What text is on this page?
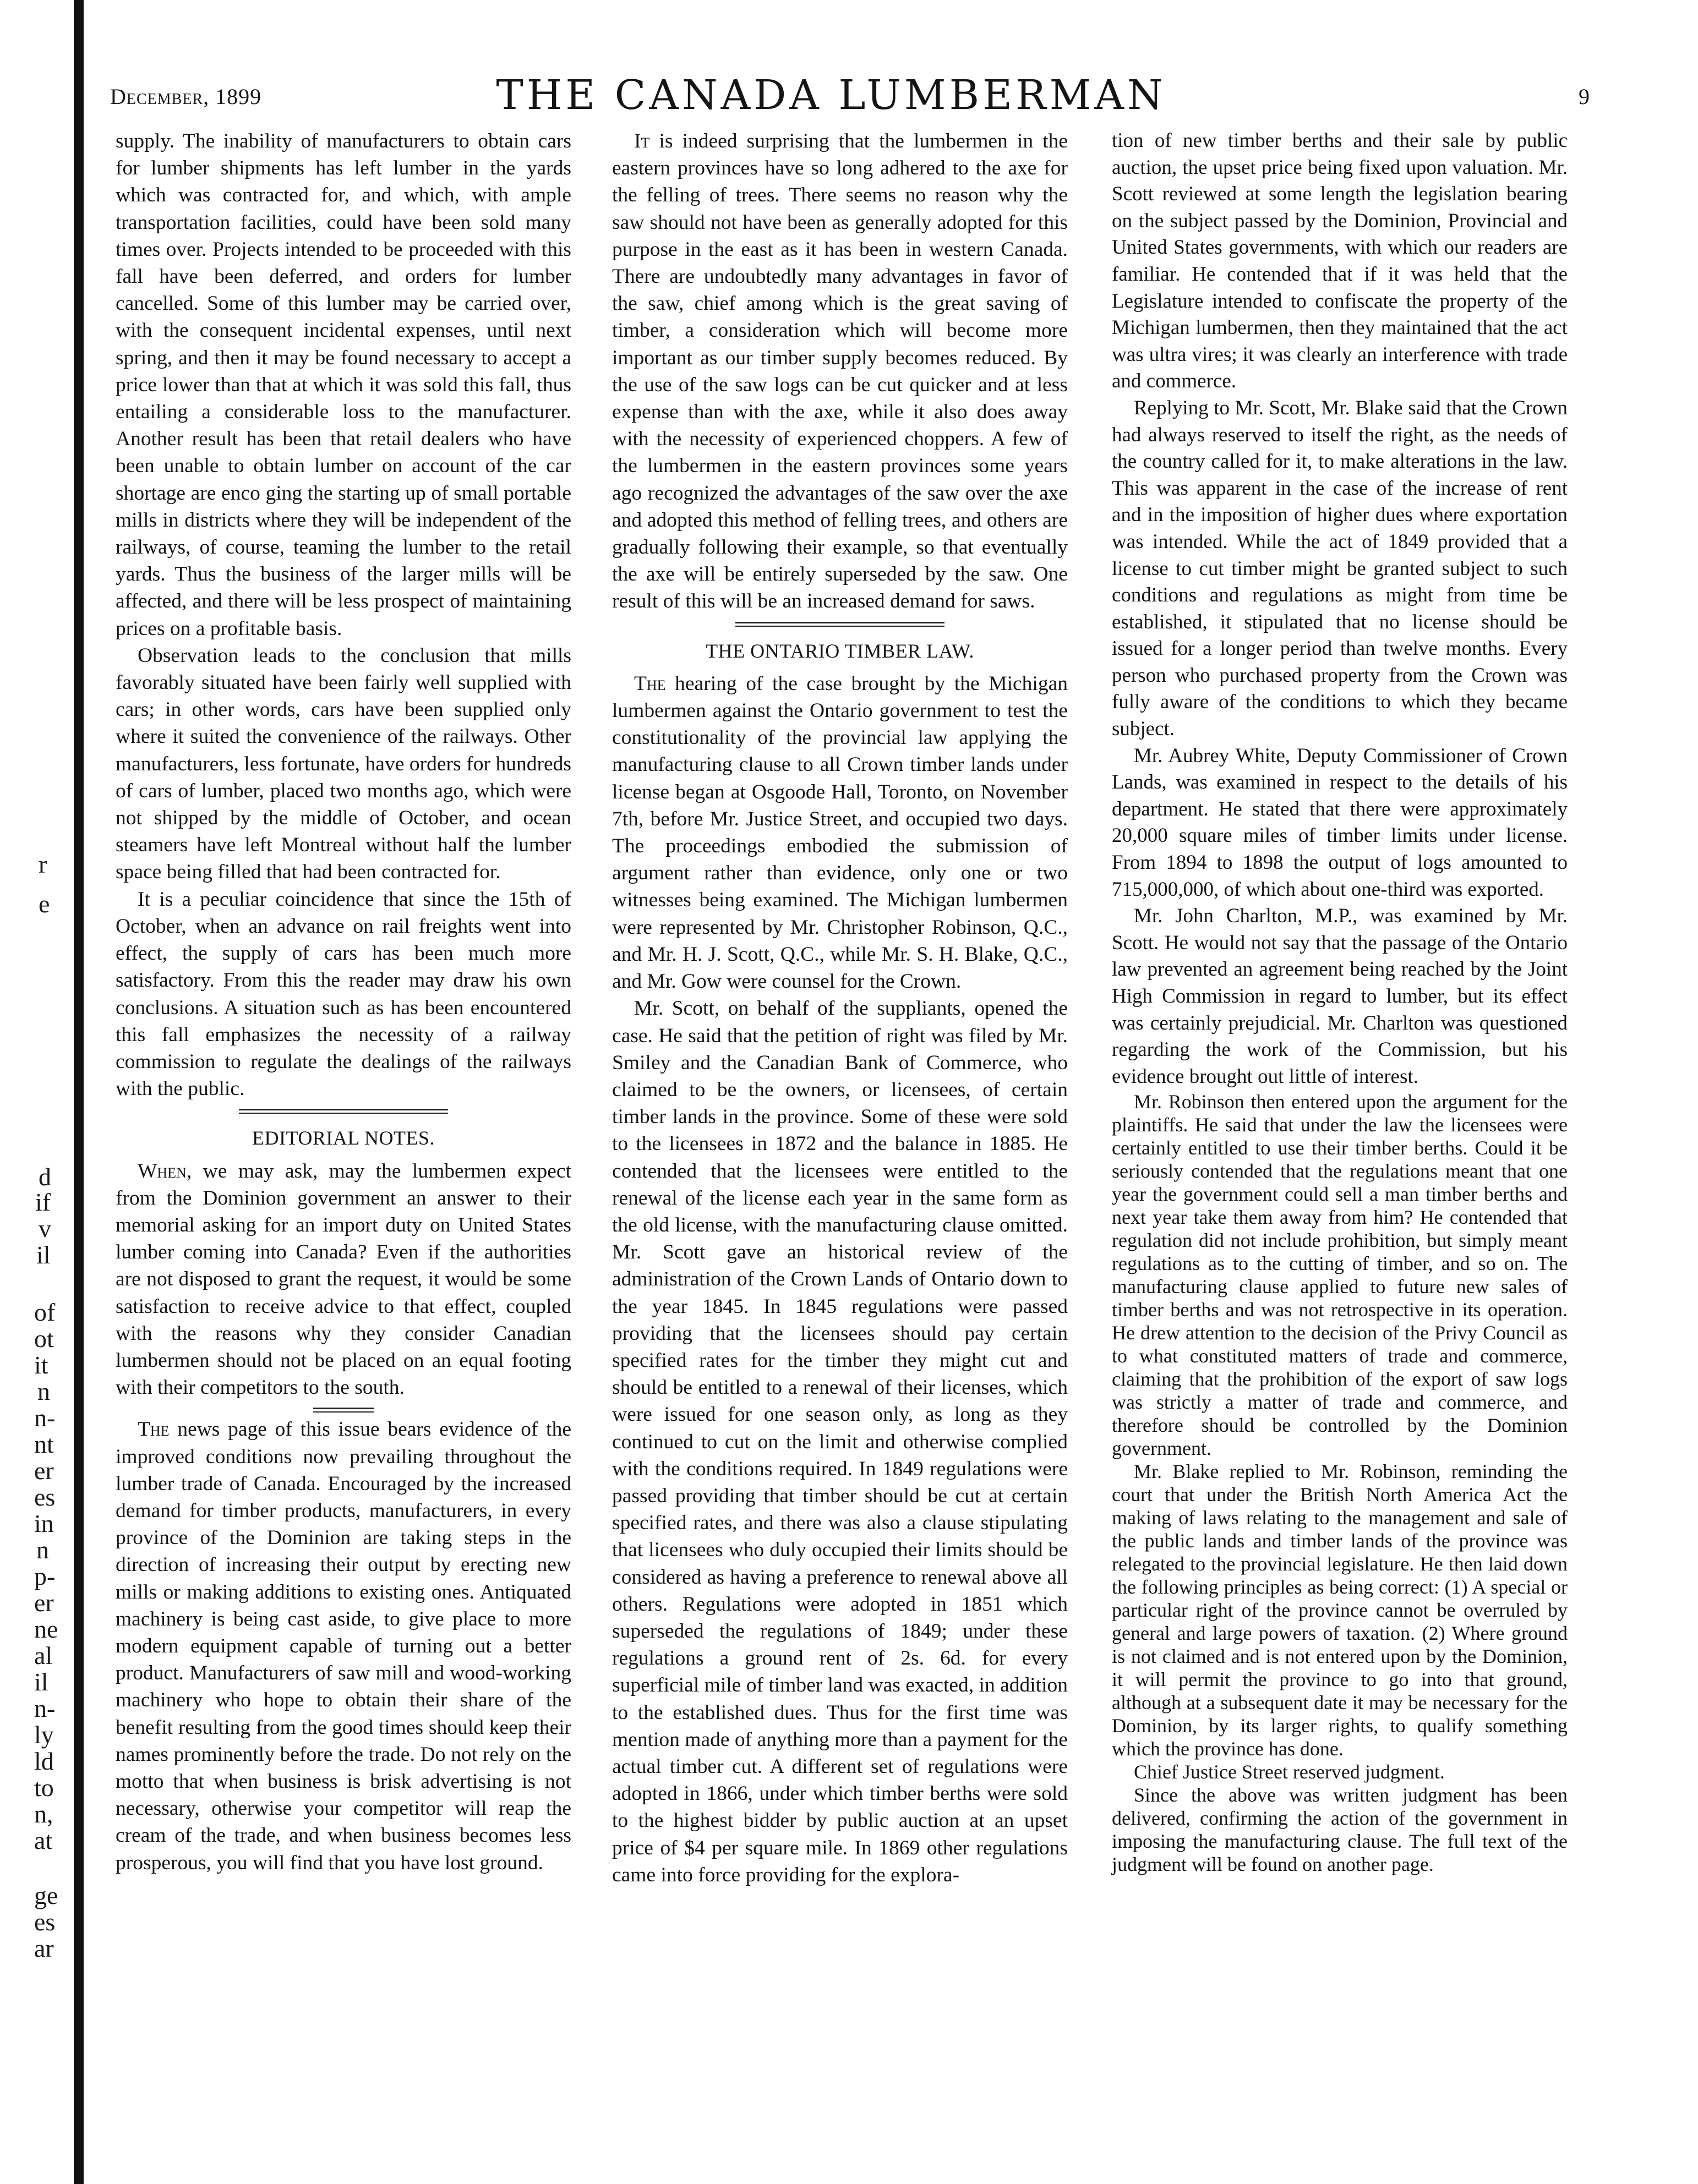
r
e
d
if
v
il
of
ot
it
n
n-
nt
er
es
in
n
p-
er
ne
al
il
n-
ly
ld
to
n,
at
ge
es
ar
December, 1899	THE CANADA LUMBERMAN	9

supply. The inability of manufacturers to obtain cars for lumber shipments has left lumber in the yards which was contracted for, and which, with ample transportation facilities, could have been sold many times over. Projects intended to be proceeded with this fall have been deferred, and orders for lumber cancelled. Some of this lumber may be carried over, with the consequent incidental expenses, until next spring, and then it may be found necessary to accept a price lower than that at which it was sold this fall, thus entailing a considerable loss to the manufacturer. Another result has been that retail dealers who have been unable to obtain lumber on account of the car shortage are enco ging the starting up of small portable mills in districts where they will be independent of the railways, of course, teaming the lumber to the retail yards. Thus the business of the larger mills will be affected, and there will be less prospect of maintaining prices on a profitable basis.

Observation leads to the conclusion that mills favorably situated have been fairly well supplied with cars; in other words, cars have been supplied only where it suited the convenience of the railways. Other manufacturers, less fortunate, have orders for hundreds of cars of lumber, placed two months ago, which were not shipped by the middle of October, and ocean steamers have left Montreal without half the lumber space being filled that had been contracted for.

It is a peculiar coincidence that since the 15th of October, when an advance on rail freights went into effect, the supply of cars has been much more satisfactory. From this the reader may draw his own conclusions. A situation such as has been encountered this fall emphasizes the necessity of a railway commission to regulate the dealings of the railways with the public.

EDITORIAL NOTES.

When, we may ask, may the lumbermen expect from the Dominion government an answer to their memorial asking for an import duty on United States lumber coming into Canada? Even if the authorities are not disposed to grant the request, it would be some satisfaction to receive advice to that effect, coupled with the reasons why they consider Canadian lumbermen should not be placed on an equal footing with their competitors to the south.

The news page of this issue bears evidence of the improved conditions now prevailing throughout the lumber trade of Canada. Encouraged by the increased demand for timber products, manufacturers, in every province of the Dominion are taking steps in the direction of increasing their output by erecting new mills or making additions to existing ones. Antiquated machinery is being cast aside, to give place to more modern equipment capable of turning out a better product. Manufacturers of saw mill and wood-working machinery who hope to obtain their share of the benefit resulting from the good times should keep their names prominently before the trade. Do not rely on the motto that when business is brisk advertising is not necessary, otherwise your competitor will reap the cream of the trade, and when business becomes less prosperous, you will find that you have lost ground.

It is indeed surprising that the lumbermen in the eastern provinces have so long adhered to the axe for the felling of trees. There seems no reason why the saw should not have been as generally adopted for this purpose in the east as it has been in western Canada. There are undoubtedly many advantages in favor of the saw, chief among which is the great saving of timber, a consideration which will become more important as our timber supply becomes reduced. By the use of the saw logs can be cut quicker and at less expense than with the axe, while it also does away with the necessity of experienced choppers. A few of the lumbermen in the eastern provinces some years ago recognized the advantages of the saw over the axe and adopted this method of felling trees, and others are gradually following their example, so that eventually the axe will be entirely superseded by the saw. One result of this will be an increased demand for saws.

THE ONTARIO TIMBER LAW.

The hearing of the case brought by the Michigan lumbermen against the Ontario government to test the constitutionality of the provincial law applying the manufacturing clause to all Crown timber lands under license began at Osgoode Hall, Toronto, on November 7th, before Mr. Justice Street, and occupied two days. The proceedings embodied the submission of argument rather than evidence, only one or two witnesses being examined. The Michigan lumbermen were represented by Mr. Christopher Robinson, Q.C., and Mr. H. J. Scott, Q.C., while Mr. S. H. Blake, Q.C., and Mr. Gow were counsel for the Crown.

Mr. Scott, on behalf of the suppliants, opened the case. He said that the petition of right was filed by Mr. Smiley and the Canadian Bank of Commerce, who claimed to be the owners, or licensees, of certain timber lands in the province. Some of these were sold to the licensees in 1872 and the balance in 1885. He contended that the licensees were entitled to the renewal of the license each year in the same form as the old license, with the manufacturing clause omitted. Mr. Scott gave an historical review of the administration of the Crown Lands of Ontario down to the year 1845. In 1845 regulations were passed providing that the licensees should pay certain specified rates for the timber they might cut and should be entitled to a renewal of their licenses, which were issued for one season only, as long as they continued to cut on the limit and otherwise complied with the conditions required. In 1849 regulations were passed providing that timber should be cut at certain specified rates, and there was also a clause stipulating that licensees who duly occupied their limits should be considered as having a preference to renewal above all others. Regulations were adopted in 1851 which superseded the regulations of 1849; under these regulations a ground rent of 2s. 6d. for every superficial mile of timber land was exacted, in addition to the established dues. Thus for the first time was mention made of anything more than a payment for the actual timber cut. A different set of regulations were adopted in 1866, under which timber berths were sold to the highest bidder by public auction at an upset price of $4 per square mile. In 1869 other regulations came into force providing for the explora-

tion of new timber berths and their sale by public auction, the upset price being fixed upon valuation. Mr. Scott reviewed at some length the legislation bearing on the subject passed by the Dominion, Provincial and United States governments, with which our readers are familiar. He contended that if it was held that the Legislature intended to confiscate the property of the Michigan lumbermen, then they maintained that the act was ultra vires; it was clearly an interference with trade and commerce.

Replying to Mr. Scott, Mr. Blake said that the Crown had always reserved to itself the right, as the needs of the country called for it, to make alterations in the law. This was apparent in the case of the increase of rent and in the imposition of higher dues where exportation was intended. While the act of 1849 provided that a license to cut timber might be granted subject to such conditions and regulations as might from time be established, it stipulated that no license should be issued for a longer period than twelve months. Every person who purchased property from the Crown was fully aware of the conditions to which they became subject.

Mr. Aubrey White, Deputy Commissioner of Crown Lands, was examined in respect to the details of his department. He stated that there were approximately 20,000 square miles of timber limits under license. From 1894 to 1898 the output of logs amounted to 715,000,000, of which about one-third was exported.

Mr. John Charlton, M.P., was examined by Mr. Scott. He would not say that the passage of the Ontario law prevented an agreement being reached by the Joint High Commission in regard to lumber, but its effect was certainly prejudicial. Mr. Charlton was questioned regarding the work of the Commission, but his evidence brought out little of interest.

Mr. Robinson then entered upon the argument for the plaintiffs. He said that under the law the licensees were certainly entitled to use their timber berths. Could it be seriously contended that the regulations meant that one year the government could sell a man timber berths and next year take them away from him? He contended that regulation did not include prohibition, but simply meant regulations as to the cutting of timber, and so on. The manufacturing clause applied to future new sales of timber berths and was not retrospective in its operation. He drew attention to the decision of the Privy Council as to what constituted matters of trade and commerce, claiming that the prohibition of the export of saw logs was strictly a matter of trade and commerce, and therefore should be controlled by the Dominion government.

Mr. Blake replied to Mr. Robinson, reminding the court that under the British North America Act the making of laws relating to the management and sale of the public lands and timber lands of the province was relegated to the provincial legislature. He then laid down the following principles as being correct: (1) A special or particular right of the province cannot be overruled by general and large powers of taxation. (2) Where ground is not claimed and is not entered upon by the Dominion, it will permit the province to go into that ground, although at a subsequent date it may be necessary for the Dominion, by its larger rights, to qualify something which the province has done.

Chief Justice Street reserved judgment.

Since the above was written judgment has been delivered, confirming the action of the government in imposing the manufacturing clause. The full text of the judgment will be found on another page.
